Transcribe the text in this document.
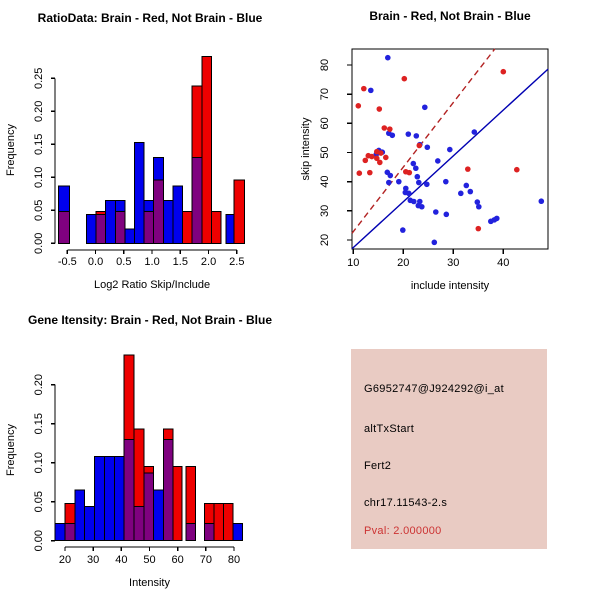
-0.5 0.0 0.5 1.0 1.5 2.0 2.5
0.00
0.05
0.10
0.15
0.20
0.25
Log2 Ratio Skip/Include
Frequency
RatioData: Brain - Red, Not Brain - Blue
10	20	30	40
20
30
40
50
60
70
80
include intensity
skip intensity
Brain - Red, Not Brain - Blue
20 30 40 50 60 70 80
0.00
0.05
0.10
0.15
0.20
Intensity
Frequency
Gene Itensity: Brain - Red, Not Brain - Blue
G6952747@J924292@i_at
altTxStart
Fert2
chr17.11543-2.s
Pval: 2.000000
